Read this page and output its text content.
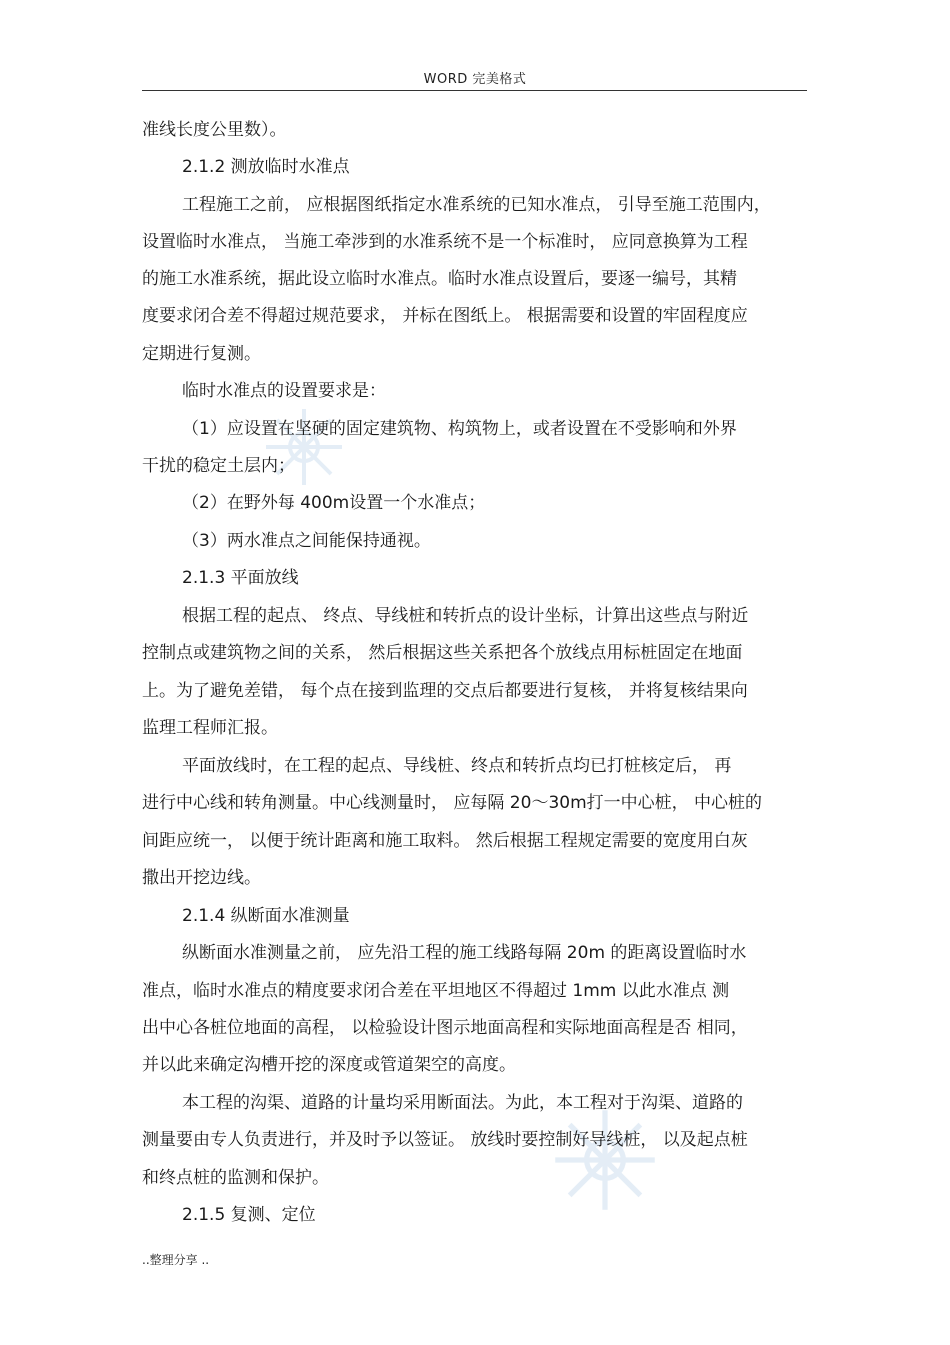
WORD 完美格式
准线长度公里数）。
2.1.2 测放临时水准点
工程施工之前， 应根据图纸指定水准系统的已知水准点， 引导至施工范围内，
设置临时水准点， 当施工牵涉到的水准系统不是一个标准时， 应同意换算为工程
的施工水准系统，据此设立临时水准点。临时水准点设置后，要逐一编号，其精
度要求闭合差不得超过规范要求， 并标在图纸上。 根据需要和设置的牢固程度应
定期进行复测。
临时水准点的设置要求是：
（1）应设置在坚硬的固定建筑物、构筑物上，或者设置在不受影响和外界
干扰的稳定土层内；
（2）在野外每 400m设置一个水准点；
（3）两水准点之间能保持通视。
2.1.3 平面放线
根据工程的起点、 终点、导线桩和转折点的设计坐标，计算出这些点与附近
控制点或建筑物之间的关系， 然后根据这些关系把各个放线点用标桩固定在地面
上。为了避免差错， 每个点在接到监理的交点后都要进行复核， 并将复核结果向
监理工程师汇报。
平面放线时，在工程的起点、导线桩、终点和转折点均已打桩核定后， 再
进行中心线和转角测量。中心线测量时， 应每隔 20～30m打一中心桩， 中心桩的
间距应统一， 以便于统计距离和施工取料。 然后根据工程规定需要的宽度用白灰
撒出开挖边线。
2.1.4 纵断面水准测量
纵断面水准测量之前， 应先沿工程的施工线路每隔 20m 的距离设置临时水
准点，临时水准点的精度要求闭合差在平坦地区不得超过 1mm 以此水准点 测
出中心各桩位地面的高程， 以检验设计图示地面高程和实际地面高程是否 相同，
并以此来确定沟槽开挖的深度或管道架空的高度。
本工程的沟渠、道路的计量均采用断面法。为此，本工程对于沟渠、道路的
测量要由专人负责进行，并及时予以签证。 放线时要控制好导线桩， 以及起点桩
和终点桩的监测和保护。
2.1.5 复测、定位
..整理分享 ..
